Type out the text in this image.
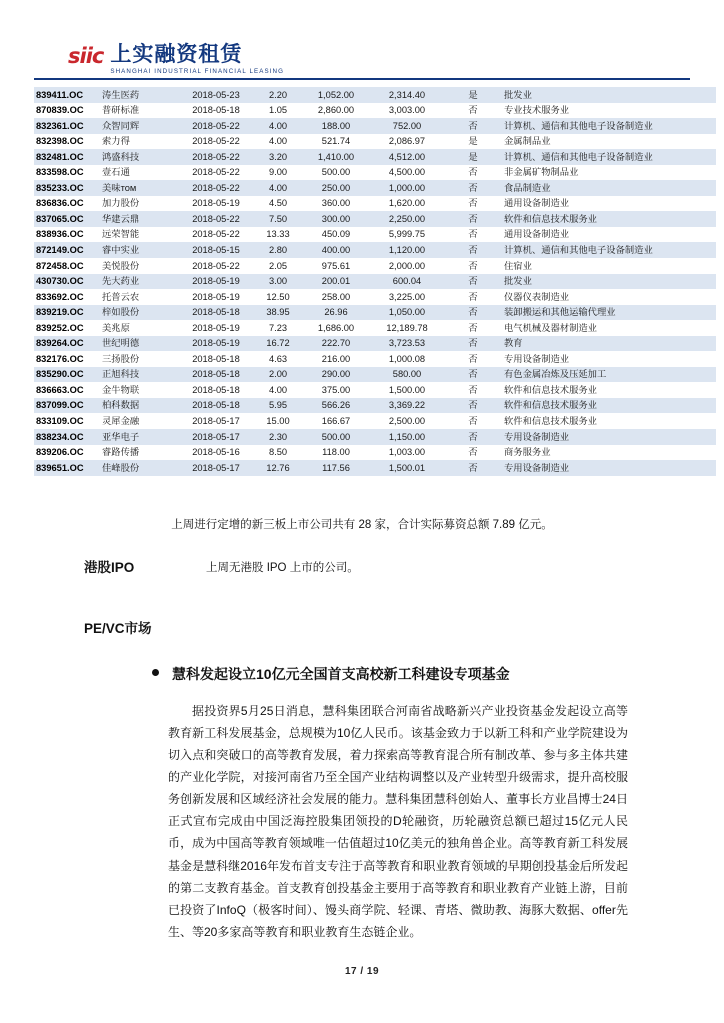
siic 上实融资租赁
SHANGHAI INDUSTRIAL FINANCIAL LEASING
839411.OC	涛生医药	2018-05-23	2.20	1,052.00	2,314.40	是	批发业
870839.OC	普研标准	2018-05-18	1.05	2,860.00	3,003.00	否	专业技术服务业
832361.OC	众智同辉	2018-05-22	4.00	188.00	752.00	否	计算机、通信和其他电子设备制造业
832398.OC	索力得	2018-05-22	4.00	521.74	2,086.97	是	金属制品业
832481.OC	鸿盛科技	2018-05-22	3.20	1,410.00	4,512.00	是	计算机、通信和其他电子设备制造业
833598.OC	壹石通	2018-05-22	9.00	500.00	4,500.00	否	非金属矿物制品业
835233.OC	美味том	2018-05-22	4.00	250.00	1,000.00	否	食品制造业
836836.OC	加力股份	2018-05-19	4.50	360.00	1,620.00	否	通用设备制造业
837065.OC	华建云鼎	2018-05-22	7.50	300.00	2,250.00	否	软件和信息技术服务业
838936.OC	远荣智能	2018-05-22	13.33	450.09	5,999.75	否	通用设备制造业
872149.OC	睿中实业	2018-05-15	2.80	400.00	1,120.00	否	计算机、通信和其他电子设备制造业
872458.OC	美悦股份	2018-05-22	2.05	975.61	2,000.00	否	住宿业
430730.OC	先大药业	2018-05-19	3.00	200.01	600.04	否	批发业
833692.OC	托普云农	2018-05-19	12.50	258.00	3,225.00	否	仪器仪表制造业
839219.OC	梓如股份	2018-05-18	38.95	26.96	1,050.00	否	装卸搬运和其他运输代理业
839252.OC	美兆原	2018-05-19	7.23	1,686.00	12,189.78	否	电气机械及器材制造业
839264.OC	世纪明德	2018-05-19	16.72	222.70	3,723.53	否	教育
832176.OC	三扬股份	2018-05-18	4.63	216.00	1,000.08	否	专用设备制造业
835290.OC	正旭科技	2018-05-18	2.00	290.00	580.00	否	有色金属冶炼及压延加工
836663.OC	金牛物联	2018-05-18	4.00	375.00	1,500.00	否	软件和信息技术服务业
837099.OC	柏科数据	2018-05-18	5.95	566.26	3,369.22	否	软件和信息技术服务业
833109.OC	灵犀金融	2018-05-17	15.00	166.67	2,500.00	否	软件和信息技术服务业
838234.OC	亚华电子	2018-05-17	2.30	500.00	1,150.00	否	专用设备制造业
839206.OC	睿路传播	2018-05-16	8.50	118.00	1,003.00	否	商务服务业
839651.OC	佳峰股份	2018-05-17	12.76	117.56	1,500.01	否	专用设备制造业
上周进行定增的新三板上市公司共有 28 家，合计实际募资总额 7.89 亿元。
港股IPO	上周无港股 IPO 上市的公司。
PE/VC市场
慧科发起设立10亿元全国首支高校新工科建设专项基金
据投资界5月25日消息，慧科集团联合河南省战略新兴产业投资基金发起设立高等教育新工科发展基金，总规模为10亿人民币。该基金致力于以新工科和产业学院建设为切入点和突破口的高等教育发展，着力探索高等教育混合所有制改革、参与多主体共建的产业化学院，对接河南省乃至全国产业结构调整以及产业转型升级需求，提升高校服务创新发展和区域经济社会发展的能力。慧科集团慧科创始人、董事长方业昌博士24日正式宣布完成由中国泛海控股集团领投的D轮融资，历轮融资总额已超过15亿元人民币，成为中国高等教育领域唯一估值超过10亿美元的独角兽企业。高等教育新工科发展基金是慧科继2016年发布首支专注于高等教育和职业教育领域的早期创投基金后所发起的第二支教育基金。首支教育创投基金主要用于高等教育和职业教育产业链上游，目前已投资了InfoQ（极客时间）、馒头商学院、轻课、青塔、微助教、海豚大数据、offer先生、等20多家高等教育和职业教育生态链企业。
17 / 19
